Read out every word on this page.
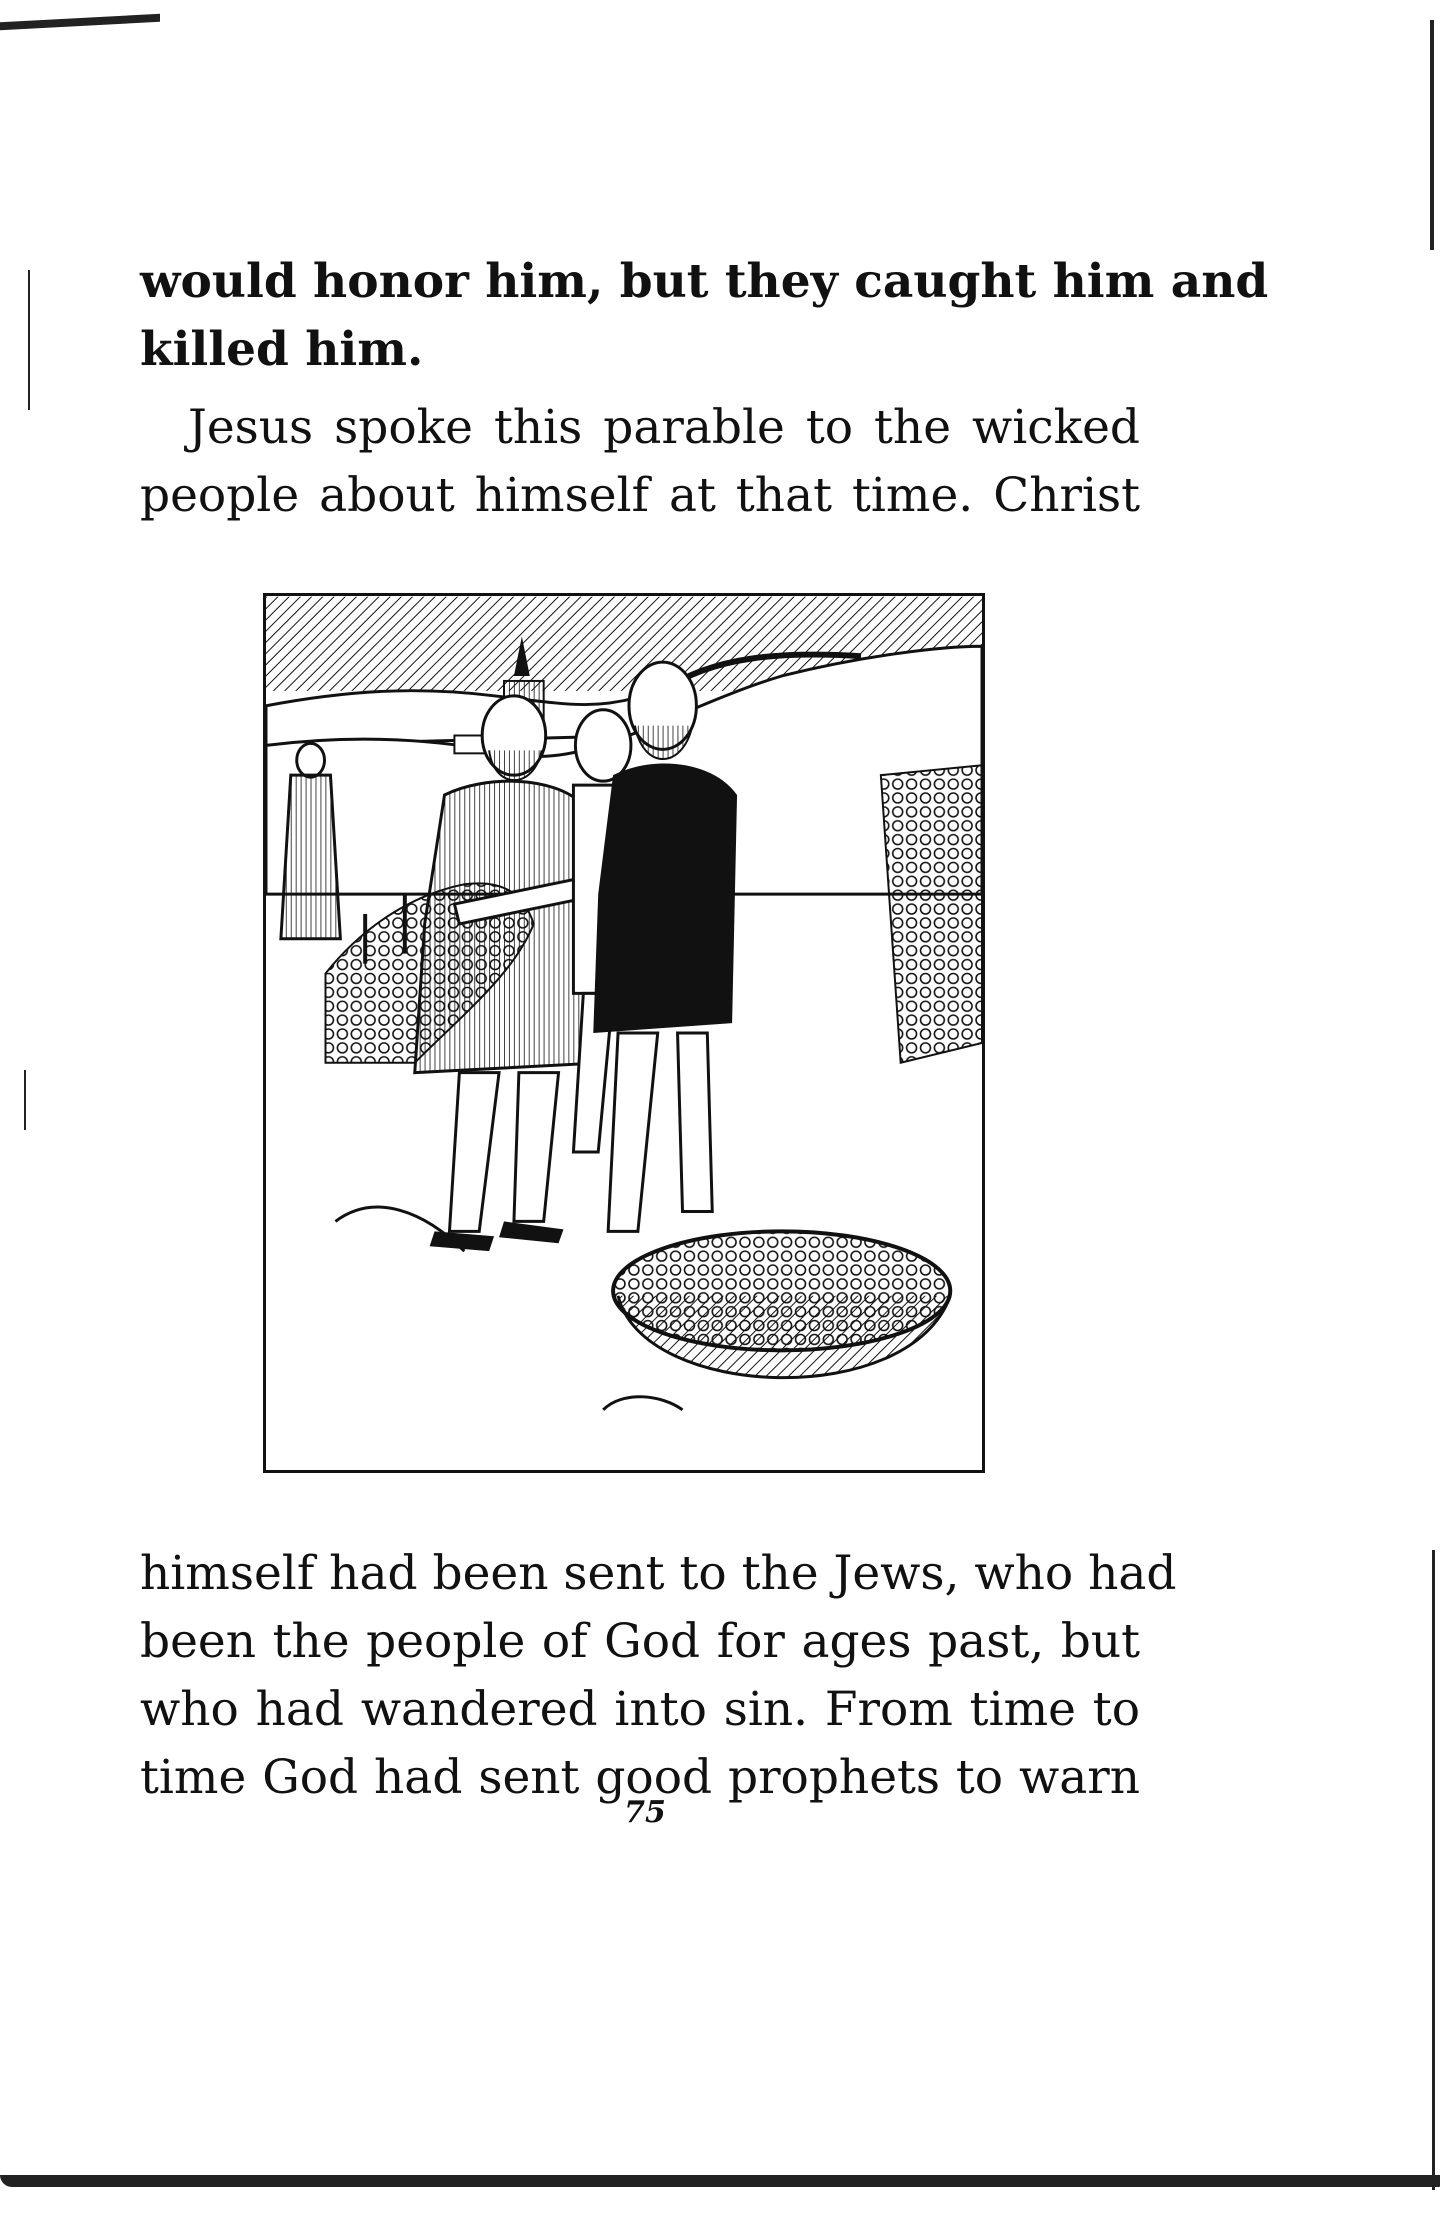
would honor him, but they caught him and
killed him.
Jesus spoke this parable to the wicked
people about himself at that time. Christ
himself had been sent to the Jews, who had
been the people of God for ages past, but
who had wandered into sin. From time to
time God had sent good prophets to warn
75
